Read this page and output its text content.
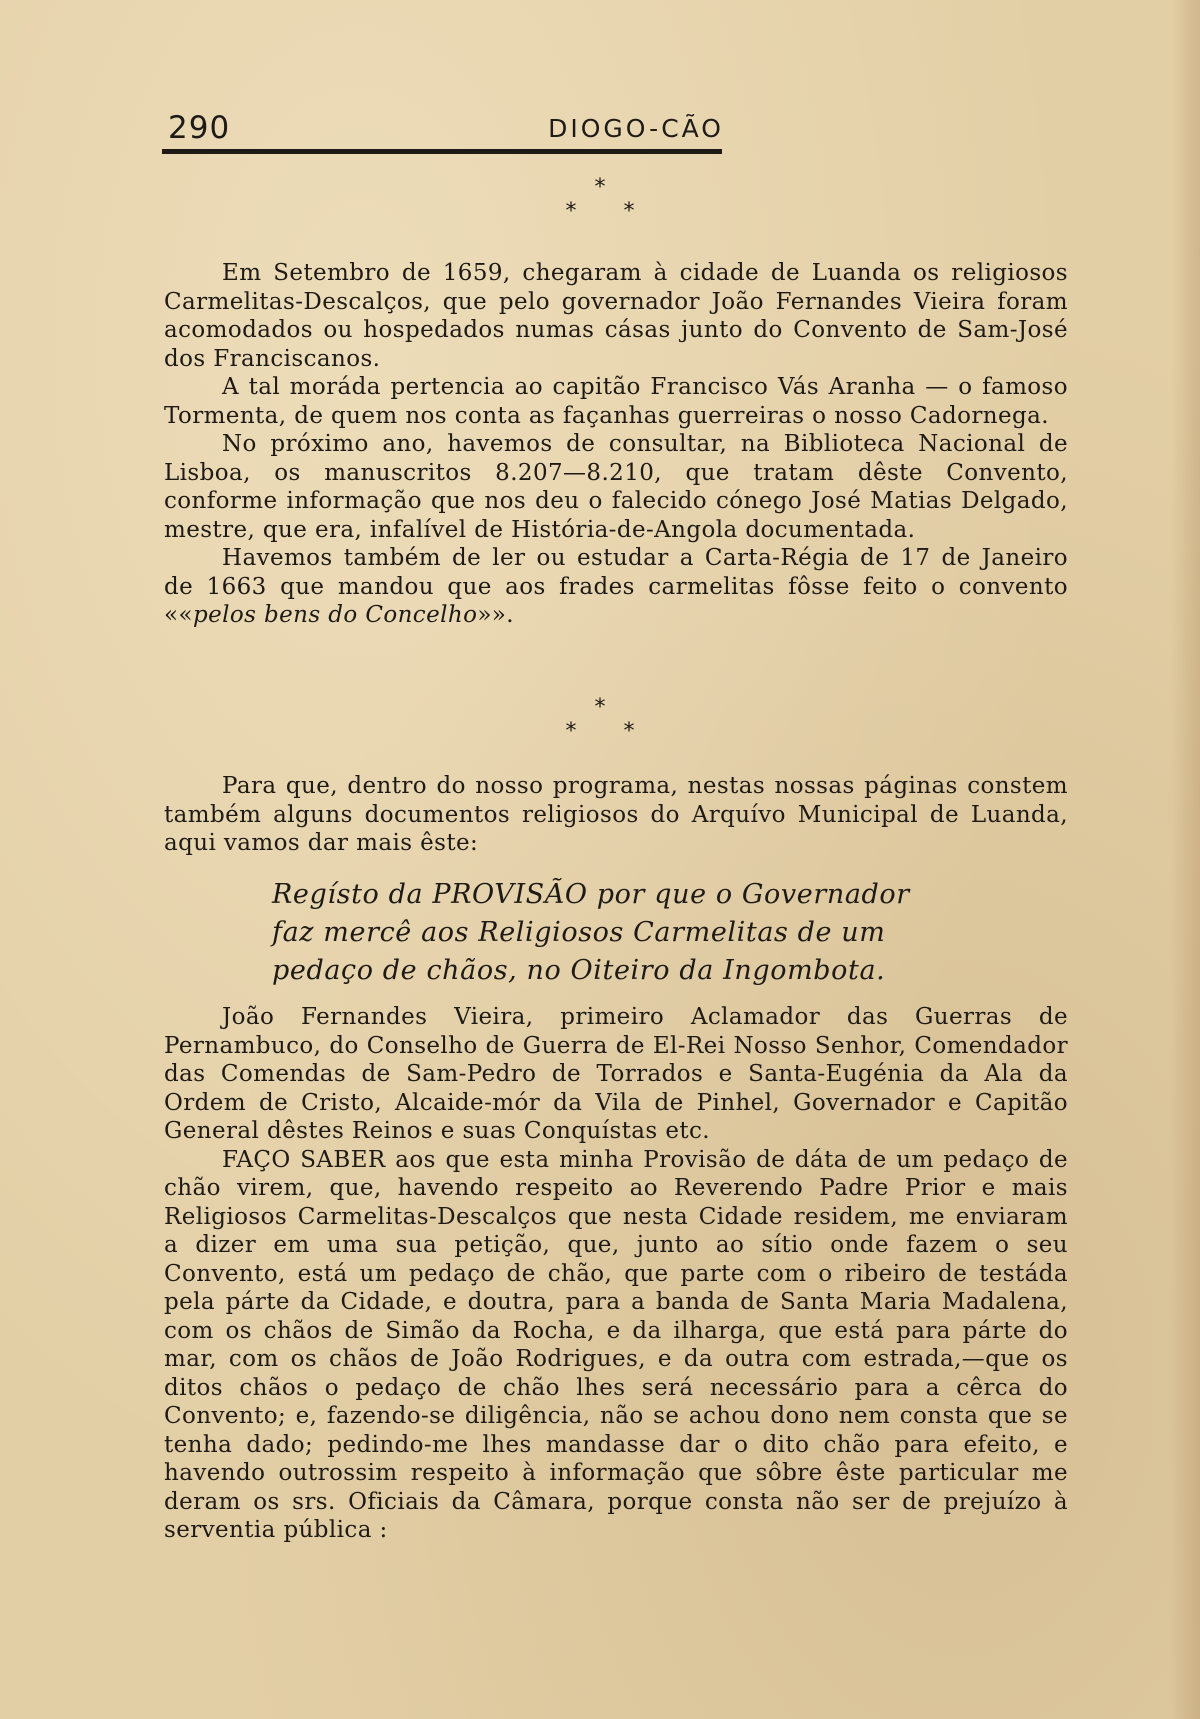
290	DIOGO-CÃO
*
* *

Em Setembro de 1659, chegaram à cidade de Luanda os religiosos Carmelitas-Descalços, que pelo governador João Fernandes Vieira foram acomodados ou hospedados numas cásas junto do Convento de Sam-José dos Franciscanos.

A tal moráda pertencia ao capitão Francisco Vás Aranha — o famoso Tormenta, de quem nos conta as façanhas guerreiras o nosso Cadornega.

No próximo ano, havemos de consultar, na Biblioteca Nacional de Lisboa, os manuscritos 8.207—8.210, que tratam dêste Convento, conforme informação que nos deu o falecido cónego José Matias Delgado, mestre, que era, infalível de História-de-Angola documentada.

Havemos também de ler ou estudar a Carta-Régia de 17 de Janeiro de 1663 que mandou que aos frades carmelitas fôsse feito o convento ««pelos bens do Concelho»».

*
* *

Para que, dentro do nosso programa, nestas nossas páginas constem também alguns documentos religiosos do Arquívo Municipal de Luanda, aqui vamos dar mais êste:

Regísto da PROVISÃO por que o Governador
faz mercê aos Religiosos Carmelitas de um
pedaço de chãos, no Oiteiro da Ingombota.

João Fernandes Vieira, primeiro Aclamador das Guerras de Pernambuco, do Conselho de Guerra de El-Rei Nosso Senhor, Comendador das Comendas de Sam-Pedro de Torrados e Santa-Eugénia da Ala da Ordem de Cristo, Alcaide-mór da Vila de Pinhel, Governador e Capitão General dêstes Reinos e suas Conquístas etc.

FAÇO SABER aos que esta minha Provisão de dáta de um pedaço de chão virem, que, havendo respeito ao Reverendo Padre Prior e mais Religiosos Carmelitas-Descalços que nesta Cidade residem, me enviaram a dizer em uma sua petição, que, junto ao sítio onde fazem o seu Convento, está um pedaço de chão, que parte com o ribeiro de testáda pela párte da Cidade, e doutra, para a banda de Santa Maria Madalena, com os chãos de Simão da Rocha, e da ilharga, que está para párte do mar, com os chãos de João Rodrigues, e da outra com estrada,—que os ditos chãos o pedaço de chão lhes será necessário para a cêrca do Convento; e, fazendo-se diligência, não se achou dono nem consta que se tenha dado; pedindo-me lhes mandasse dar o dito chão para efeito, e havendo outrossim respeito à informação que sôbre êste particular me deram os srs. Oficiais da Câmara, porque consta não ser de prejuízo à serventia pública :
